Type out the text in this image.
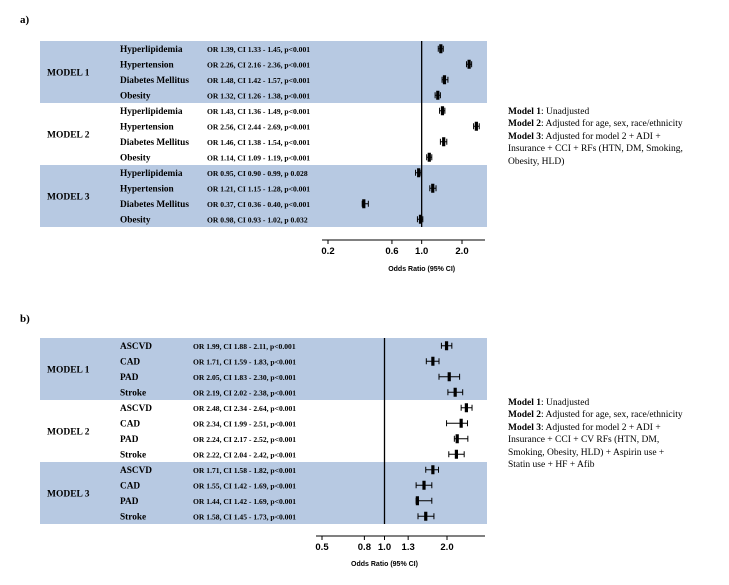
MODEL 1
Hyperlipidemia	OR 1.39, CI 1.33 - 1.45, p<0.001
Hypertension	OR 2.26, CI 2.16 - 2.36, p<0.001
Diabetes Mellitus OR 1.48, CI 1.42 - 1.57, p<0.001
Obesity	OR 1.32, CI 1.26 - 1.38, p<0.001
MODEL 2
Hyperlipidemia	OR 1.43, CI 1.36 - 1.49, p<0.001
Hypertension	OR 2.56, CI 2.44 - 2.69, p<0.001
Diabetes Mellitus OR 1.46, CI 1.38 - 1.54, p<0.001
Obesity	OR 1.14, CI 1.09 - 1.19, p<0.001
MODEL 3
Hyperlipidemia	OR 0.95, CI 0.90 - 0.99, p 0.028
Hypertension	OR 1.21, CI 1.15 - 1.28, p<0.001
Diabetes Mellitus OR 0.37, CI 0.36 - 0.40, p<0.001
Obesity	OR 0.98, CI 0.93 - 1.02, p 0.032
0.2	0.6 1.0	2.0
Odds Ratio (95% CI)
MODEL 1
ASCVD	OR 1.99, CI 1.88 - 2.11, p<0.001
CAD	OR 1.71, CI 1.59 - 1.83, p<0.001
PAD	OR 2.05, CI 1.83 - 2.30, p<0.001
Stroke	OR 2.19, CI 2.02 - 2.38, p<0.001
MODEL 2
ASCVD	OR 2.48, CI 2.34 - 2.64, p<0.001
CAD	OR 2.34, CI 1.99 - 2.51, p<0.001
PAD	OR 2.24, CI 2.17 - 2.52, p<0.001
Stroke	OR 2.22, CI 2.04 - 2.42, p<0.001
MODEL 3
ASCVD	OR 1.71, CI 1.58 - 1.82, p<0.001
CAD	OR 1.55, CI 1.42 - 1.69, p<0.001
PAD	OR 1.44, CI 1.42 - 1.69, p<0.001
Stroke	OR 1.58, CI 1.45 - 1.73, p<0.001
0.5	0.8 1.0 1.3	2.0
Odds Ratio (95% CI)
a)
b)
Model 1: Unadjusted
Model 2: Adjusted for age, sex, race/ethnicity
Model 3: Adjusted for model 2 + ADI +
Insurance + CCI + RFs (HTN, DM, Smoking,
Obesity, HLD)
Model 1: Unadjusted
Model 2: Adjusted for age, sex, race/ethnicity
Model 3: Adjusted for model 2 + ADI +
Insurance + CCI + CV RFs (HTN, DM,
Smoking, Obesity, HLD) + Aspirin use +
Statin use + HF + Afib
